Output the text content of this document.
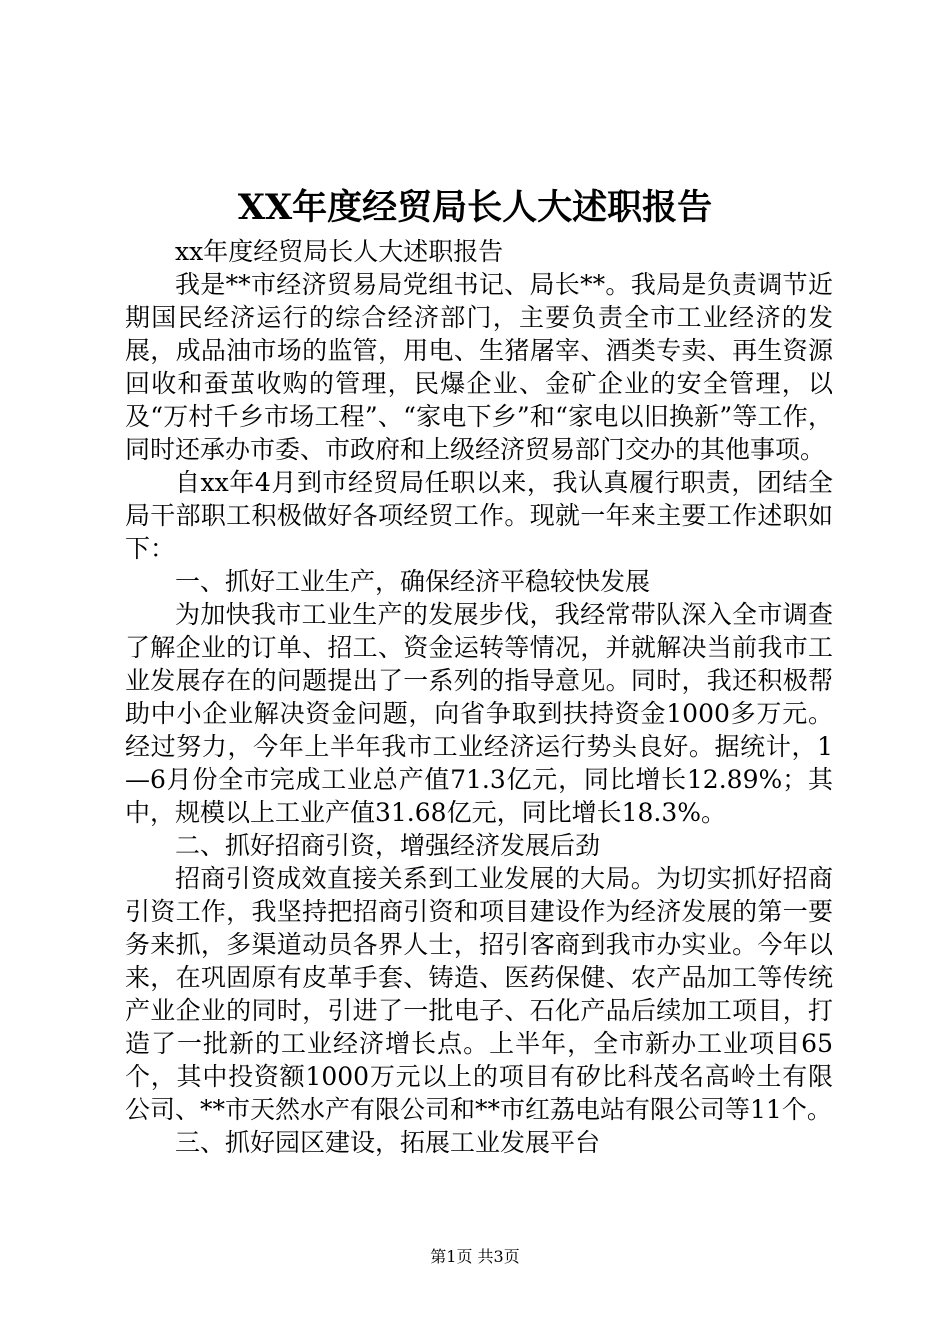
XX年度经贸局长人大述职报告

xx年度经贸局长人大述职报告

我是**市经济贸易局党组书记、局长**。我局是负责调节近期国民经济运行的综合经济部门，主要负责全市工业经济的发展，成品油市场的监管，用电、生猪屠宰、酒类专卖、再生资源回收和蚕茧收购的管理，民爆企业、金矿企业的安全管理，以及“万村千乡市场工程”、“家电下乡”和“家电以旧换新”等工作，同时还承办市委、市政府和上级经济贸易部门交办的其他事项。

自xx年4月到市经贸局任职以来，我认真履行职责，团结全局干部职工积极做好各项经贸工作。现就一年来主要工作述职如下：

一、抓好工业生产，确保经济平稳较快发展

为加快我市工业生产的发展步伐，我经常带队深入全市调查了解企业的订单、招工、资金运转等情况，并就解决当前我市工业发展存在的问题提出了一系列的指导意见。同时，我还积极帮助中小企业解决资金问题，向省争取到扶持资金1000多万元。经过努力，今年上半年我市工业经济运行势头良好。据统计，1—6月份全市完成工业总产值71.3亿元，同比增长12.89%；其中，规模以上工业产值31.68亿元，同比增长18.3%。

二、抓好招商引资，增强经济发展后劲

招商引资成效直接关系到工业发展的大局。为切实抓好招商引资工作，我坚持把招商引资和项目建设作为经济发展的第一要务来抓，多渠道动员各界人士，招引客商到我市办实业。今年以来，在巩固原有皮革手套、铸造、医药保健、农产品加工等传统产业企业的同时，引进了一批电子、石化产品后续加工项目，打造了一批新的工业经济增长点。上半年，全市新办工业项目65个，其中投资额1000万元以上的项目有矽比科茂名高岭土有限公司、**市天然水产有限公司和**市红荔电站有限公司等11个。

三、抓好园区建设，拓展工业发展平台

第1页 共3页
